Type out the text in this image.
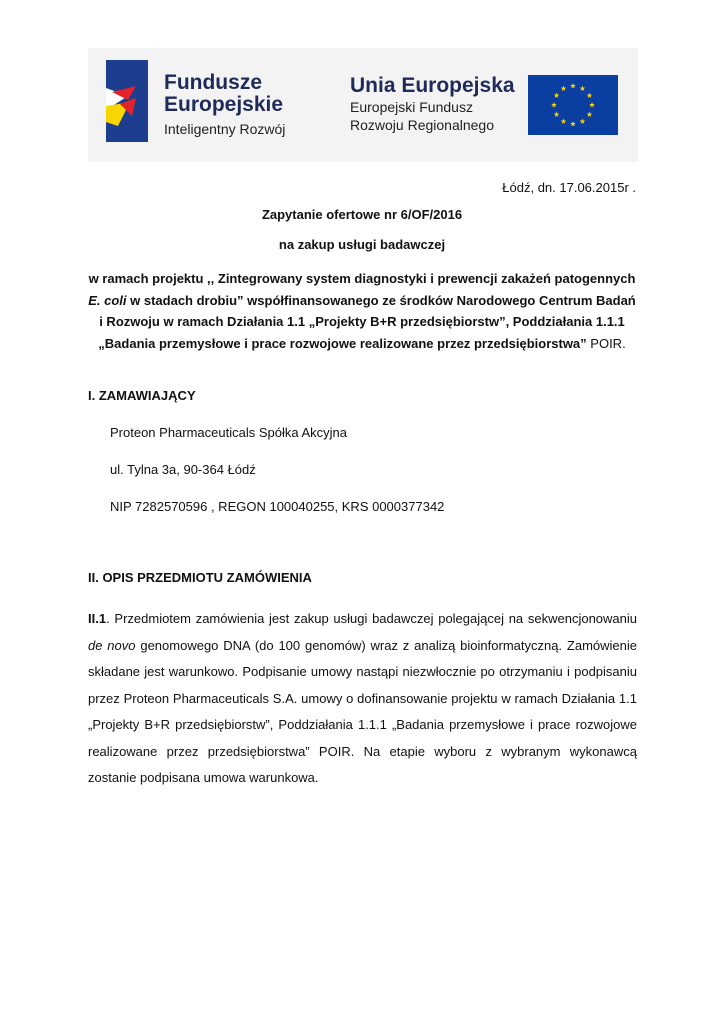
Fundusze
Europejskie
Inteligentny Rozwój
Unia Europejska
Europejski Fundusz
Rozwoju Regionalnego
Łódź, dn. 17.06.2015r .
Zapytanie ofertowe nr 6/OF/2016
na zakup usługi badawczej
w ramach projektu ,, Zintegrowany system diagnostyki i prewencji zakażeń patogennych
E. coli w stadach drobiu” współfinansowanego ze środków Narodowego Centrum Badań
i Rozwoju w ramach Działania 1.1 „Projekty B+R przedsiębiorstw”, Poddziałania 1.1.1
„Badania przemysłowe i prace rozwojowe realizowane przez przedsiębiorstwa” POIR.
I. ZAMAWIAJĄCY
Proteon Pharmaceuticals Spółka Akcyjna
ul. Tylna 3a, 90-364 Łódź
NIP 7282570596 , REGON 100040255, KRS 0000377342
II. OPIS PRZEDMIOTU ZAMÓWIENIA
II.1. Przedmiotem zamówienia jest zakup usługi badawczej polegającej na sekwencjonowaniu de novo genomowego DNA (do 100 genomów) wraz z analizą bioinformatyczną. Zamówienie składane jest warunkowo. Podpisanie umowy nastąpi niezwłocznie po otrzymaniu i podpisaniu przez Proteon Pharmaceuticals S.A. umowy o dofinansowanie projektu w ramach Działania 1.1 „Projekty B+R przedsiębiorstw”, Poddziałania 1.1.1 „Badania przemysłowe i prace rozwojowe realizowane przez przedsiębiorstwa” POIR. Na etapie wyboru z wybranym wykonawcą zostanie podpisana umowa warunkowa.
